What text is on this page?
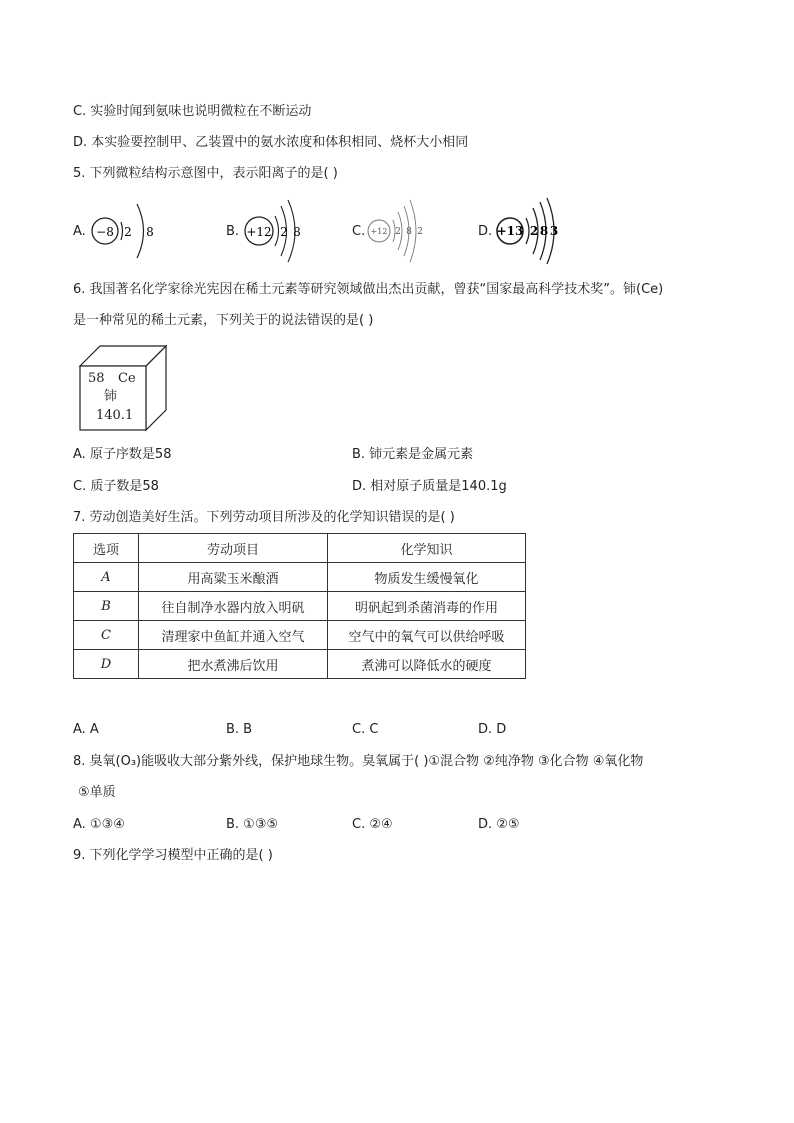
C. 实验时闻到氨味也说明微粒在不断运动
D. 本实验要控制甲、乙装置中的氨水浓度和体积相同、烧杯大小相同
5. 下列微粒结构示意图中，表示阳离子的是( )
A. −8 2 8	B. +12 2 8	C. +12 2 8 2	D. +13 2 8 3
6. 我国著名化学家徐光宪因在稀土元素等研究领域做出杰出贡献，曾获“国家最高科学技术奖”。铈(Ce)
是一种常见的稀土元素，下列关于的说法错误的是( )
58 Ce
铈
140.1
A. 原子序数是58	B. 铈元素是金属元素
C. 质子数是58	D. 相对原子质量是140.1g
7. 劳动创造美好生活。下列劳动项目所涉及的化学知识错误的是( )
选项	劳动项目	化学知识
A	用高粱玉米酿酒	物质发生缓慢氧化
B	往自制净水器内放入明矾	明矾起到杀菌消毒的作用
C	清理家中鱼缸并通入空气	空气中的氧气可以供给呼吸
D	把水煮沸后饮用	煮沸可以降低水的硬度
A. A	B. B	C. C	D. D
8. 臭氧(O₃)能吸收大部分紫外线，保护地球生物。臭氧属于( )①混合物 ②纯净物 ③化合物 ④氧化物
⑤单质
A. ①③④	B. ①③⑤	C. ②④	D. ②⑤
9. 下列化学学习模型中正确的是( )
